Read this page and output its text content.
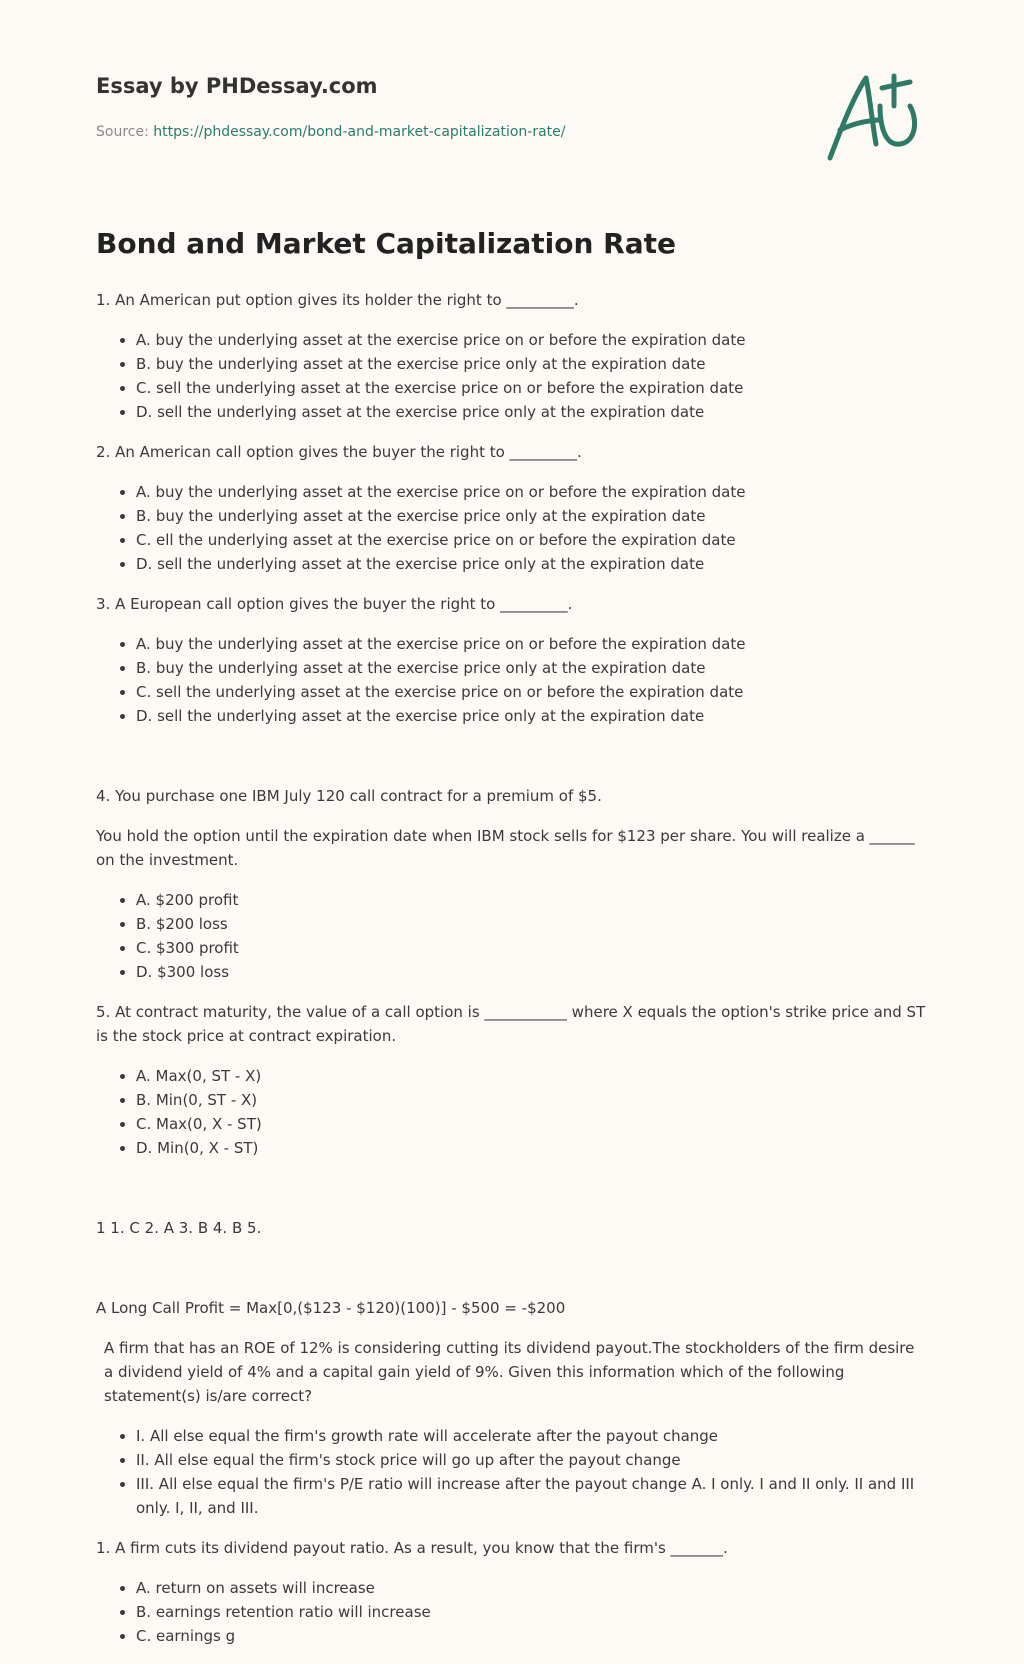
Essay by PHDessay.com
Source: https://phdessay.com/bond-and-market-capitalization-rate/
Bond and Market Capitalization Rate

1. An American put option gives its holder the right to _________.

• A. buy the underlying asset at the exercise price on or before the expiration date
• B. buy the underlying asset at the exercise price only at the expiration date
• C. sell the underlying asset at the exercise price on or before the expiration date
• D. sell the underlying asset at the exercise price only at the expiration date

2. An American call option gives the buyer the right to _________.

• A. buy the underlying asset at the exercise price on or before the expiration date
• B. buy the underlying asset at the exercise price only at the expiration date
• C. ell the underlying asset at the exercise price on or before the expiration date
• D. sell the underlying asset at the exercise price only at the expiration date

3. A European call option gives the buyer the right to _________.

• A. buy the underlying asset at the exercise price on or before the expiration date
• B. buy the underlying asset at the exercise price only at the expiration date
• C. sell the underlying asset at the exercise price on or before the expiration date
• D. sell the underlying asset at the exercise price only at the expiration date

4. You purchase one IBM July 120 call contract for a premium of $5.

You hold the option until the expiration date when IBM stock sells for $123 per share. You will realize a ______ on the investment.

• A. $200 profit
• B. $200 loss
• C. $300 profit
• D. $300 loss

5. At contract maturity, the value of a call option is ___________ where X equals the option's strike price and ST is the stock price at contract expiration.

• A. Max(0, ST - X)
• B. Min(0, ST - X)
• C. Max(0, X - ST)
• D. Min(0, X - ST)

1 1. C 2. A 3. B 4. B 5.

A Long Call Profit = Max[0,($123 - $120)(100)] - $500 = -$200

A firm that has an ROE of 12% is considering cutting its dividend payout.The stockholders of the firm desire a dividend yield of 4% and a capital gain yield of 9%. Given this information which of the following statement(s) is/are correct?

• I. All else equal the firm's growth rate will accelerate after the payout change
• II. All else equal the firm's stock price will go up after the payout change
• III. All else equal the firm's P/E ratio will increase after the payout change A. I only. I and II only. II and III only. I, II, and III.

1. A firm cuts its dividend payout ratio. As a result, you know that the firm's _______.

• A. return on assets will increase
• B. earnings retention ratio will increase
• C. earnings g
